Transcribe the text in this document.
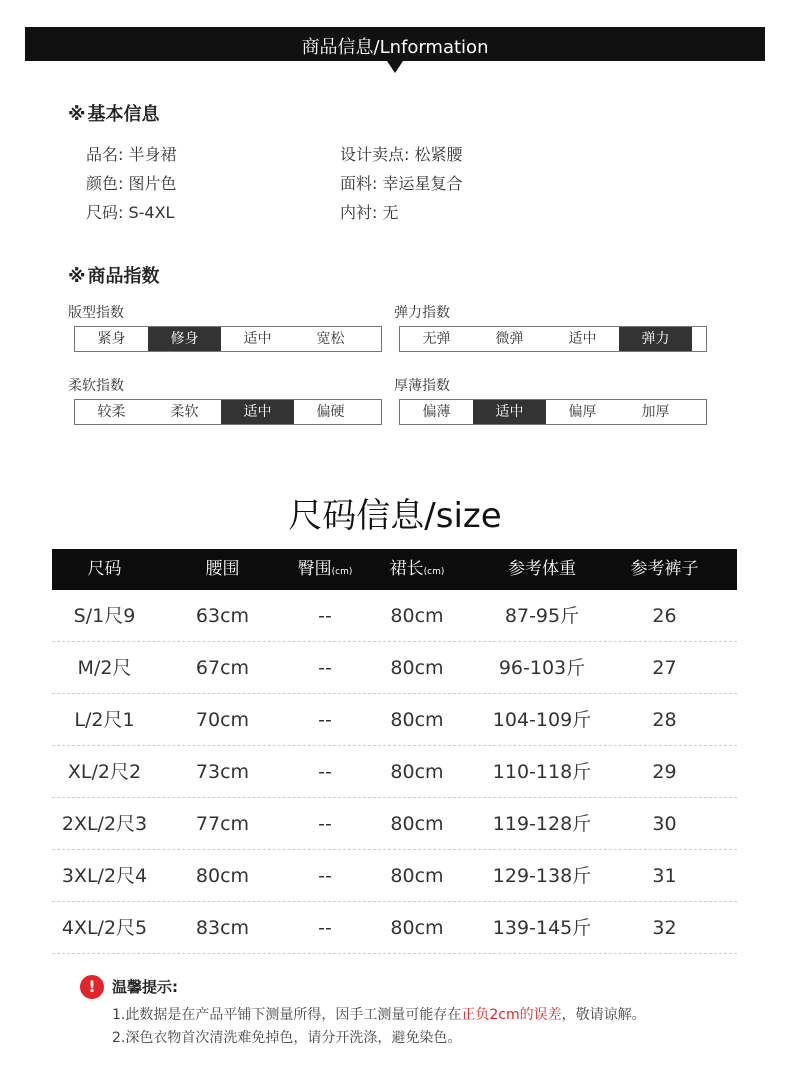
商品信息/Lnformation
※ 基本信息
品名: 半身裙
颜色: 图片色
尺码: S-4XL
设计卖点: 松紧腰
面料: 幸运星复合
内衬: 无
※ 商品指数
版型指数
紧身	修身	适中	宽松
弹力指数
无弹	微弹	适中	弹力
柔软指数
较柔	柔软	适中	偏硬
厚薄指数
偏薄	适中	偏厚	加厚
尺码信息/size
尺码	腰围	臀围(cm)	裙长(cm)	参考体重	参考裤子
S/1尺9	63cm	--	80cm	87-95斤	26
M/2尺	67cm	--	80cm	96-103斤	27
L/2尺1	70cm	--	80cm	104-109斤	28
XL/2尺2	73cm	--	80cm	110-118斤	29
2XL/2尺3	77cm	--	80cm	119-128斤	30
3XL/2尺4	80cm	--	80cm	129-138斤	31
4XL/2尺5	83cm	--	80cm	139-145斤	32
!	温馨提示:
1.此数据是在产品平铺下测量所得，因手工测量可能存在正负2cm的误差，敬请谅解。
2.深色衣物首次清洗难免掉色，请分开洗涤，避免染色。
